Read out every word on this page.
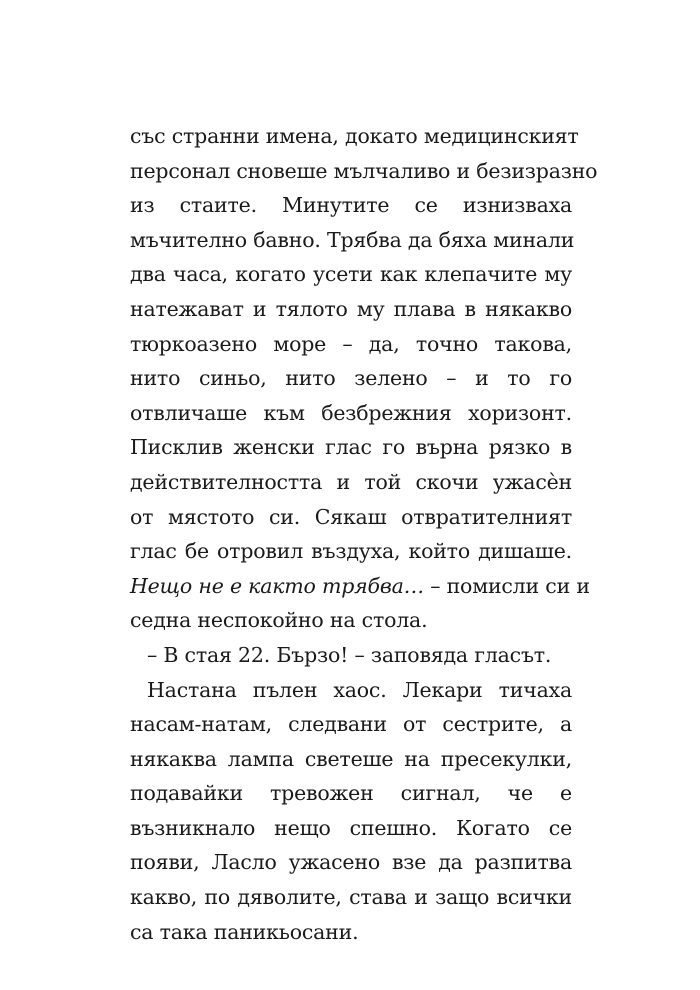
със странни имена, докато медицинският
персонал сновеше мълчаливо и безизразно
из стаите. Минутите се изнизваха
мъчително бавно. Трябва да бяха минали
два часа, когато усети как клепачите му
натежават и тялото му плава в някакво
тюркоазено море – да, точно такова,
нито синьо, нито зелено – и то го
отвличаше към безбрежния хоризонт.
Писклив женски глас го върна рязко в
действителността и той скочи ужасѐн
от мястото си. Сякаш отвратителният
глас бе отровил въздуха, който дишаше.
Нещо не е както трябва… – помисли си и
седна неспокойно на стола.
– В стая 22. Бързо! – заповяда гласът.
Настана пълен хаос. Лекари тичаха
насам-натам, следвани от сестрите, а
някаква лампа светеше на пресекулки,
подавайки тревожен сигнал, че е
възникнало нещо спешно. Когато се
появи, Ласло ужасено взе да разпитва
какво, по дяволите, става и защо всички
са така паникьосани.
